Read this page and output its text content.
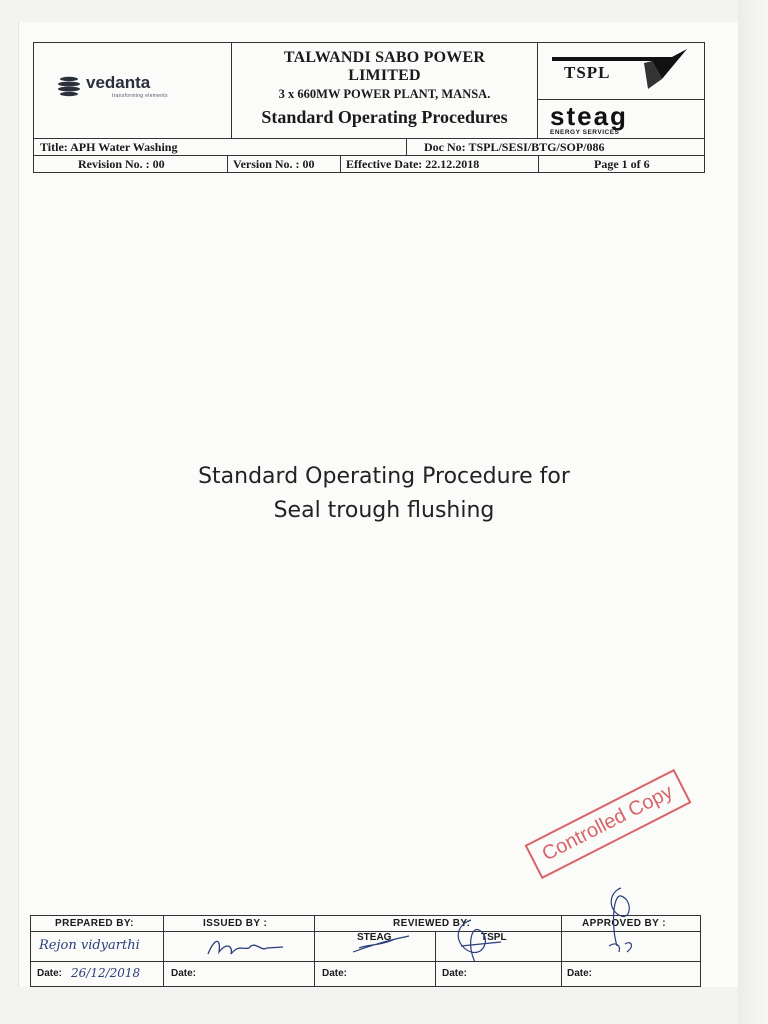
vedanta
transforming elements
TALWANDI SABO POWER
LIMITED
3 x 660MW POWER PLANT, MANSA.
Standard Operating Procedures
TSPL
steag
ENERGY SERVICES
Title: APH Water Washing	Doc No: TSPL/SESI/BTG/SOP/086
Revision No. : 00	Version No. : 00	Effective Date: 22.12.2018	Page 1 of 6
Standard Operating Procedure for
Seal trough flushing
Controlled Copy
PREPARED BY:	ISSUED BY :	REVIEWED BY:	APPROVED BY :
STEAG	TSPL
Rejon vidyarthi
Date: 26/12/2018	Date:	Date:	Date:	Date:
